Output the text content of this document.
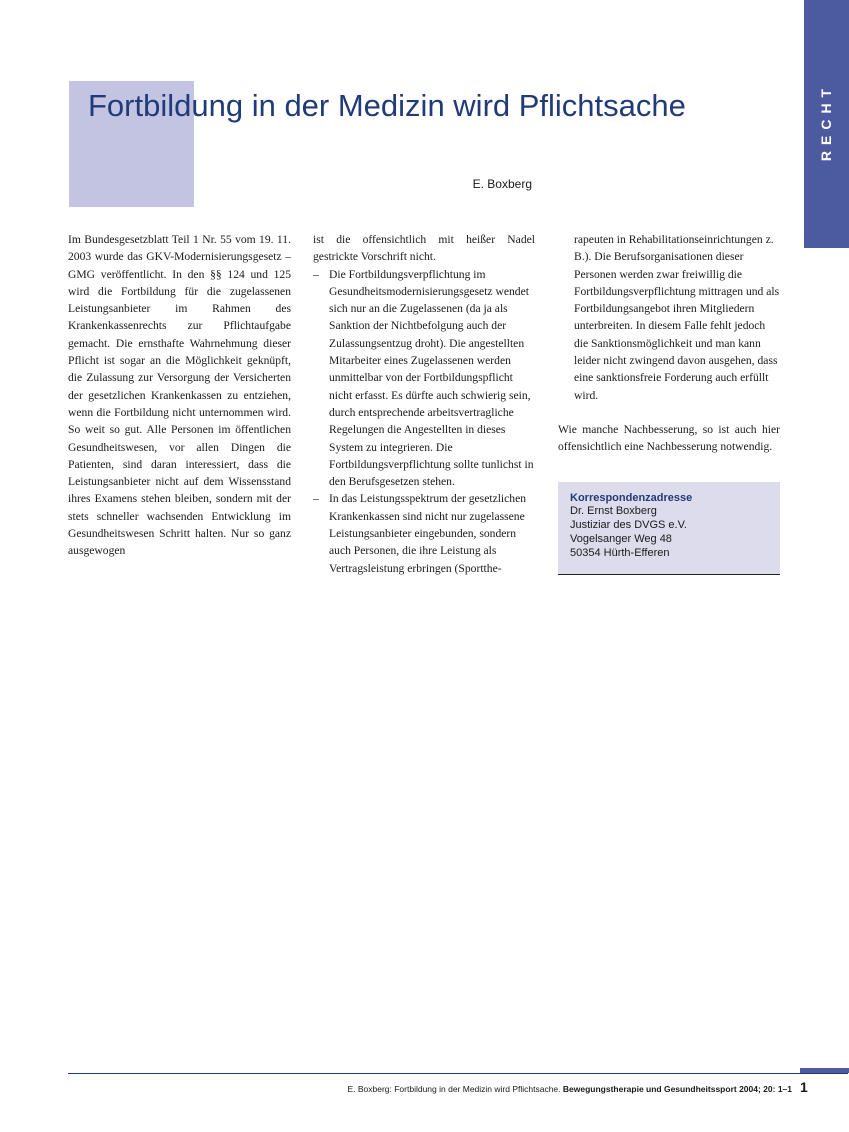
RECHT
Fortbildung in der Medizin wird Pflichtsache
E. Boxberg

Im Bundesgesetzblatt Teil 1 Nr. 55 vom 19. 11. 2003 wurde das GKV-Modernisierungsgesetz – GMG veröffentlicht. In den §§ 124 und 125 wird die Fortbildung für die zugelassenen Leistungsanbieter im Rahmen des Krankenkassenrechts zur Pflichtaufgabe gemacht. Die ernsthafte Wahrnehmung dieser Pflicht ist sogar an die Möglichkeit geknüpft, die Zulassung zur Versorgung der Versicherten der gesetzlichen Krankenkassen zu entziehen, wenn die Fortbildung nicht unternommen wird. So weit so gut. Alle Personen im öffentlichen Gesundheitswesen, vor allen Dingen die Patienten, sind daran interessiert, dass die Leistungsanbieter nicht auf dem Wissensstand ihres Examens stehen bleiben, sondern mit der stets schneller wachsenden Entwicklung im Gesundheitswesen Schritt halten. Nur so ganz ausgewogen

ist die offensichtlich mit heißer Nadel gestrickte Vorschrift nicht.

– Die Fortbildungsverpflichtung im Gesundheitsmodernisierungsgesetz wendet sich nur an die Zugelassenen (da ja als Sanktion der Nichtbefolgung auch der Zulassungsentzug droht). Die angestellten Mitarbeiter eines Zugelassenen werden unmittelbar von der Fortbildungspflicht nicht erfasst. Es dürfte auch schwierig sein, durch entsprechende arbeitsvertragliche Regelungen die Angestellten in dieses System zu integrieren. Die Fortbildungsverpflichtung sollte tunlichst in den Berufsgesetzen stehen.
– In das Leistungsspektrum der gesetzlichen Krankenkassen sind nicht nur zugelassene Leistungsanbieter eingebunden, sondern auch Personen, die ihre Leistung als Vertragsleistung erbringen (Sportthe-

rapeuten in Rehabilitationseinrichtungen z. B.). Die Berufsorganisationen dieser Personen werden zwar freiwillig die Fortbildungsverpflichtung mittragen und als Fortbildungsangebot ihren Mitgliedern unterbreiten. In diesem Falle fehlt jedoch die Sanktionsmöglichkeit und man kann leider nicht zwingend davon ausgehen, dass eine sanktionsfreie Forderung auch erfüllt wird.

Wie manche Nachbesserung, so ist auch hier offensichtlich eine Nachbesserung notwendig.

Korrespondenzadresse
Dr. Ernst Boxberg
Justiziar des DVGS e.V.
Vogelsanger Weg 48
50354 Hürth-Efferen
E. Boxberg: Fortbildung in der Medizin wird Pflichtsache. Bewegungstherapie und Gesundheitssport 2004; 20: 1–1 1
